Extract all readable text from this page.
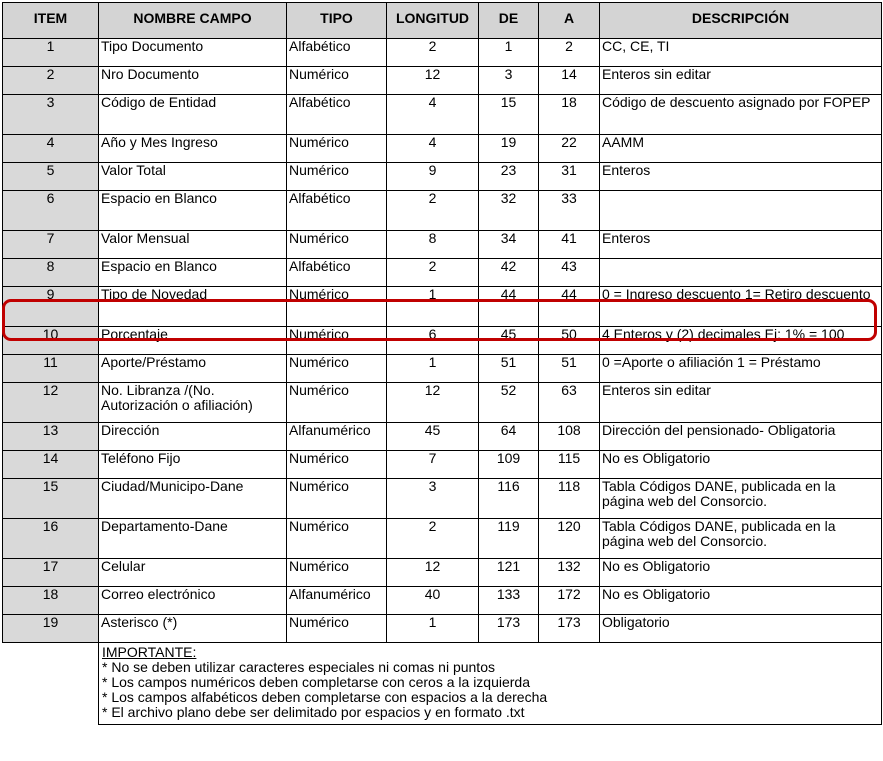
ITEM	NOMBRE CAMPO	TIPO	LONGITUD	DE	A	DESCRIPCIÓN
1	Tipo Documento	Alfabético	2	1	2	CC, CE, TI
2	Nro Documento	Numérico	12	3	14	Enteros sin editar
3	Código de Entidad	Alfabético	4	15	18	Código de descuento asignado por FOPEP
4	Año y Mes Ingreso	Numérico	4	19	22	AAMM
5	Valor Total	Numérico	9	23	31	Enteros
6	Espacio en Blanco	Alfabético	2	32	33	
7	Valor Mensual	Numérico	8	34	41	Enteros
8	Espacio en Blanco	Alfabético	2	42	43	
9	Tipo de Novedad	Numérico	1	44	44	0 = Ingreso descuento 1= Retiro descuento
10	Porcentaje	Numérico	6	45	50	4 Enteros y (2) decimales Ej: 1% = 100
11	Aporte/Préstamo	Numérico	1	51	51	0 =Aporte o afiliación 1 = Préstamo
12	No. Libranza /(No. Autorización o afiliación)	Numérico	12	52	63	Enteros sin editar
13	Dirección	Alfanumérico	45	64	108	Dirección del pensionado- Obligatoria
14	Teléfono Fijo	Numérico	7	109	115	No es Obligatorio
15	Ciudad/Municipo-Dane	Numérico	3	116	118	Tabla Códigos DANE, publicada en la página web del Consorcio.
16	Departamento-Dane	Numérico	2	119	120	Tabla Códigos DANE, publicada en la página web del Consorcio.
17	Celular	Numérico	12	121	132	No es Obligatorio
18	Correo electrónico	Alfanumérico	40	133	172	No es Obligatorio
19	Asterisco (*)	Numérico	1	173	173	Obligatorio

	IMPORTANTE:
* No se deben utilizar caracteres especiales ni comas ni puntos
* Los campos numéricos deben completarse con ceros a la izquierda
* Los campos alfabéticos deben completarse con espacios a la derecha
* El archivo plano debe ser delimitado por espacios y en formato .txt					
